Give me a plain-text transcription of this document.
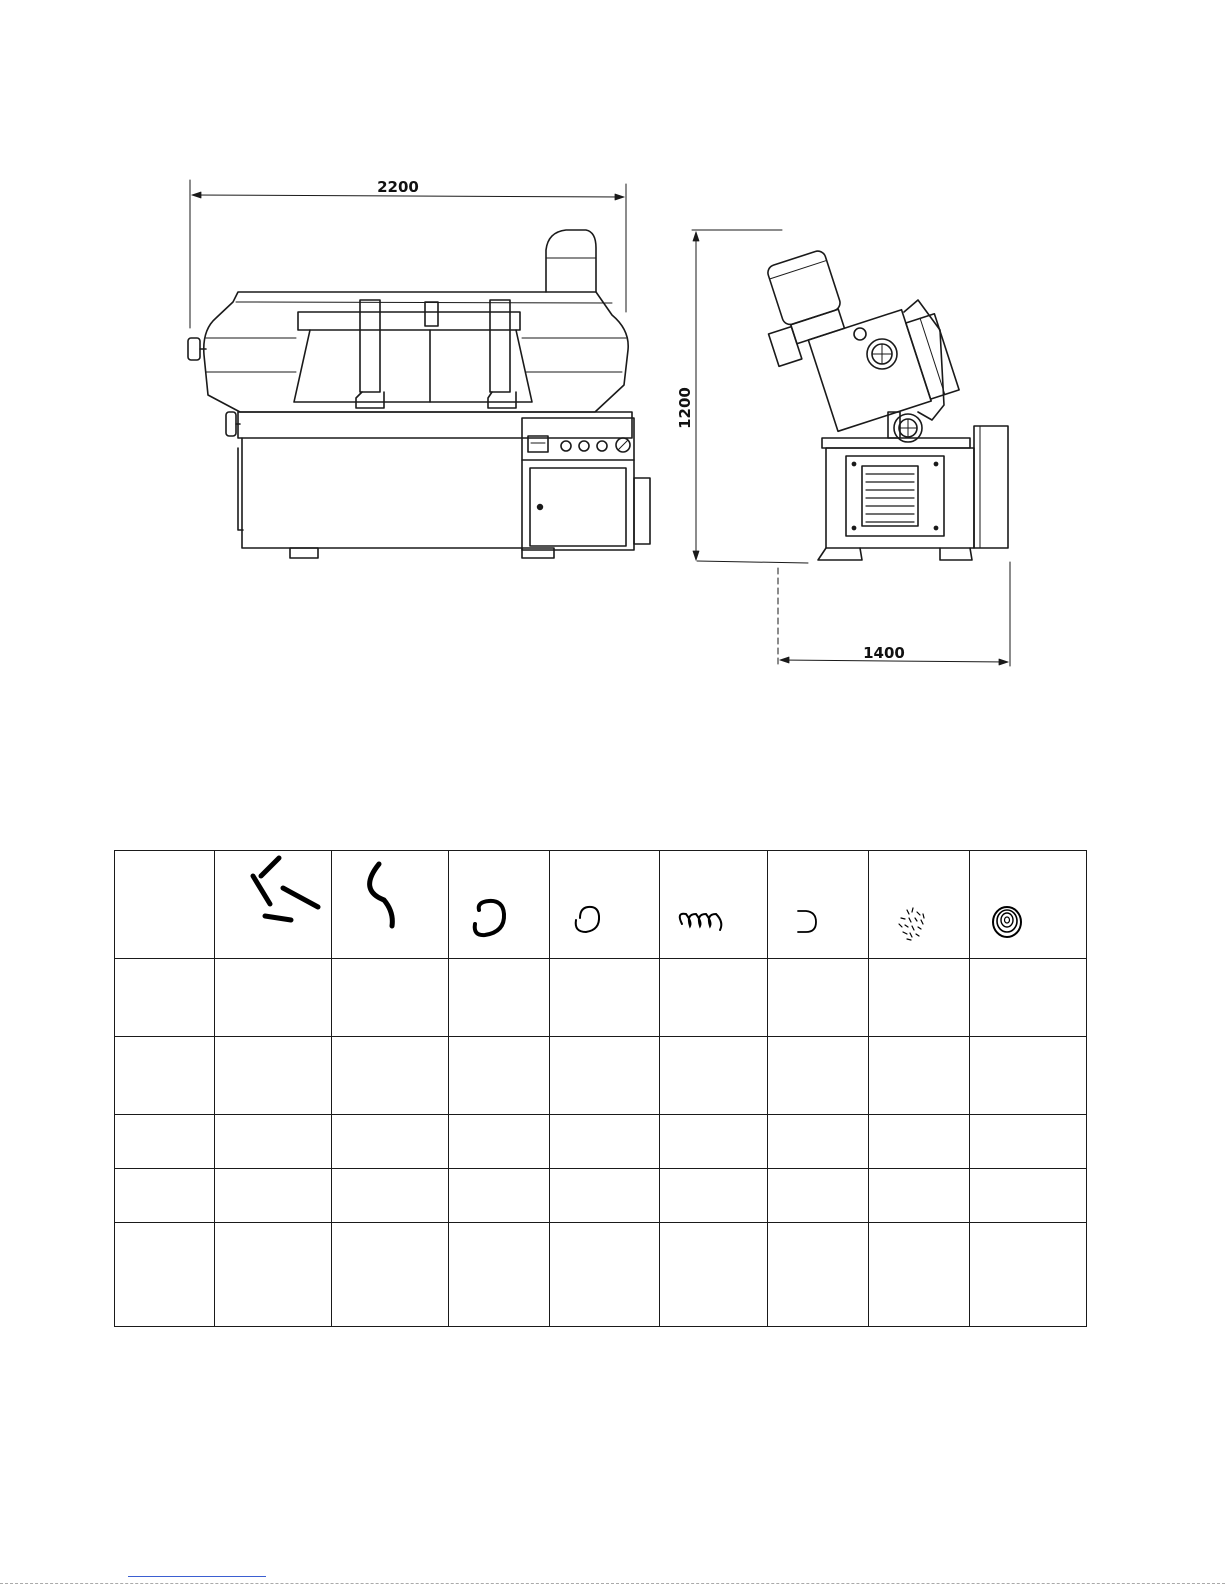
2200
1200
1400
